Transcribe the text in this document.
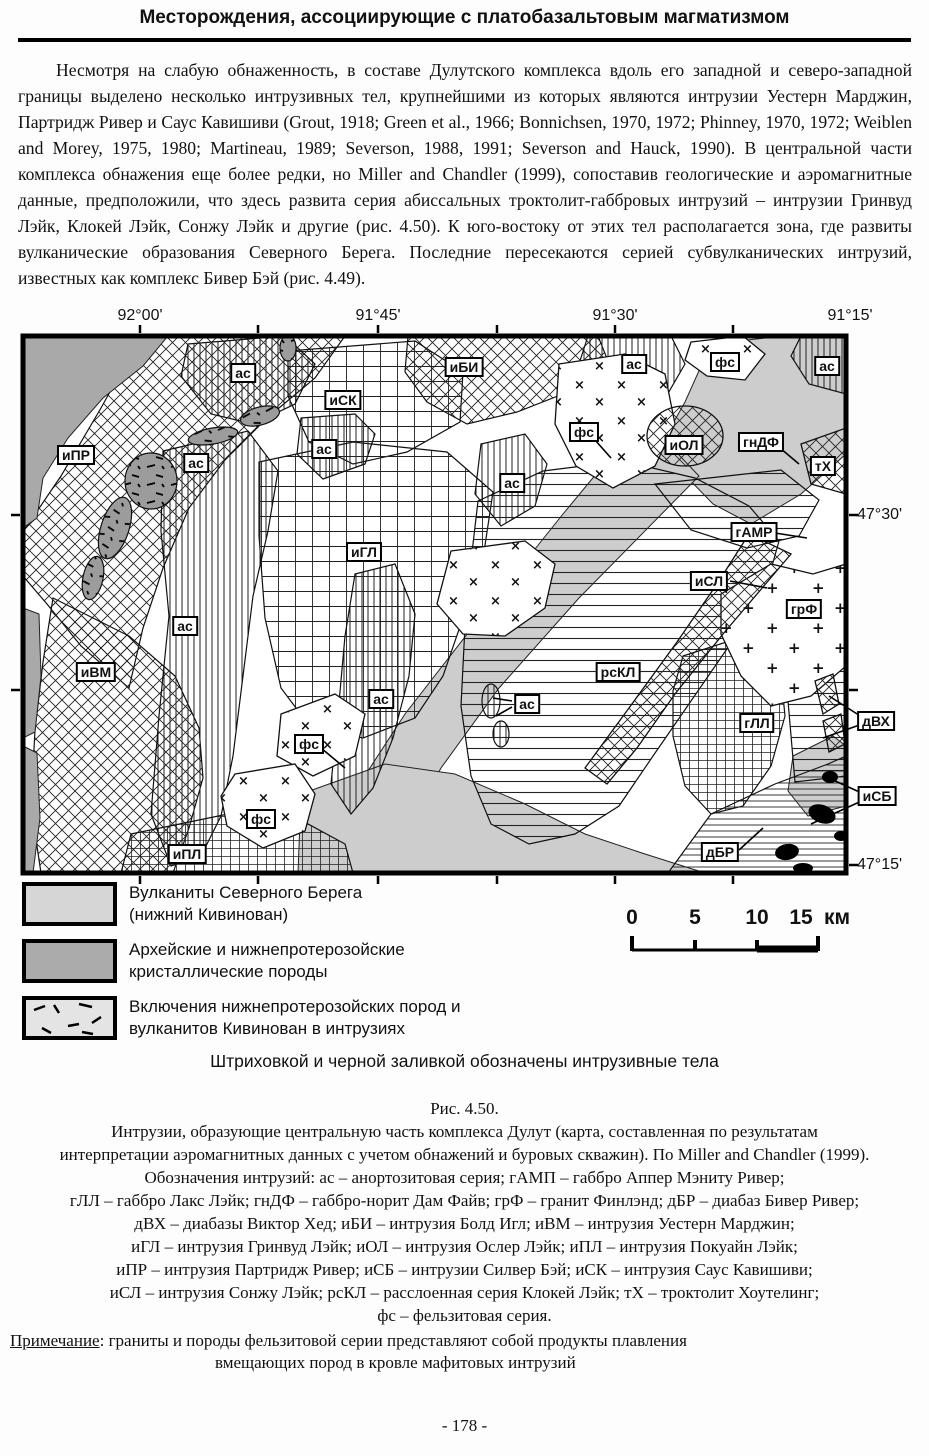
Месторождения, ассоциирующие с платобазальтовым магматизмом
Несмотря на слабую обнаженность, в составе Дулутского комплекса вдоль его западной и северо-западной границы выделено несколько интрузивных тел, крупнейшими из которых являются интрузии Уестерн Марджин, Партридж Ривер и Саус Кавишиви (Grout, 1918; Green et al., 1966; Bonnichsen, 1970, 1972; Phinney, 1970, 1972; Weiblen and Morey, 1975, 1980; Martineau, 1989; Severson, 1988, 1991; Severson and Hauck, 1990). В центральной части комплекса обнажения еще более редки, но Miller and Chandler (1999), сопоставив геологические и аэромагнитные данные, предположили, что здесь развита серия абиссальных троктолит-габбровых интрузий – интрузии Гринвуд Лэйк, Клокей Лэйк, Сонжу Лэйк и другие (рис. 4.50). К юго-востоку от этих тел располагается зона, где развиты вулканические образования Северного Берега. Последние пересекаются серией субвулканических интрузий, известных как комплекс Бивер Бэй (рис. 4.49).
ас
иСК
иБИ	ас	фс	ас
иПР	ас
ас
фс
иОЛ	гнДФ
тХ
ас
иГЛ
гАМР
иСЛ
грФ
ас
иВМ	рсКЛ
ас
ас
гЛЛ	дВХ
фс
иСБ
фс
дБР
иПЛ
92°00'	91°45'	91°30'	91°15'
47°30'
47°15'
Вулканиты Северного Берега
(нижний Кивинован)
Архейские и нижнепротерозойские
кристаллические породы
Включения нижнепротерозойских пород и
вулканитов Кивинован в интрузиях
0 5 10 15 км
Штриховкой и черной заливкой обозначены интрузивные тела
Рис. 4.50.
Интрузии, образующие центральную часть комплекса Дулут (карта, составленная по результатам
интерпретации аэромагнитных данных с учетом обнажений и буровых скважин). По Miller and Chandler (1999).
Обозначения интрузий: ас – анортозитовая серия; гАМП – габбро Аппер Мэниту Ривер;
гЛЛ – габбро Лакс Лэйк; гнДФ – габбро-норит Дам Файв; грФ – гранит Финлэнд; дБР – диабаз Бивер Ривер;
дВХ – диабазы Виктор Хед; иБИ – интрузия Болд Игл; иВМ – интрузия Уестерн Марджин;
иГЛ – интрузия Гринвуд Лэйк; иОЛ – интрузия Ослер Лэйк; иПЛ – интрузия Покуайн Лэйк;
иПР – интрузия Партридж Ривер; иСБ – интрузии Силвер Бэй; иСК – интрузия Саус Кавишиви;
иСЛ – интрузия Сонжу Лэйк; рсКЛ – расслоенная серия Клокей Лэйк; тХ – троктолит Хоутелинг;
фс – фельзитовая серия.
Примечание: граниты и породы фельзитовой серии представляют собой продукты плавления
вмещающих пород в кровле мафитовых интрузий
- 178 -
